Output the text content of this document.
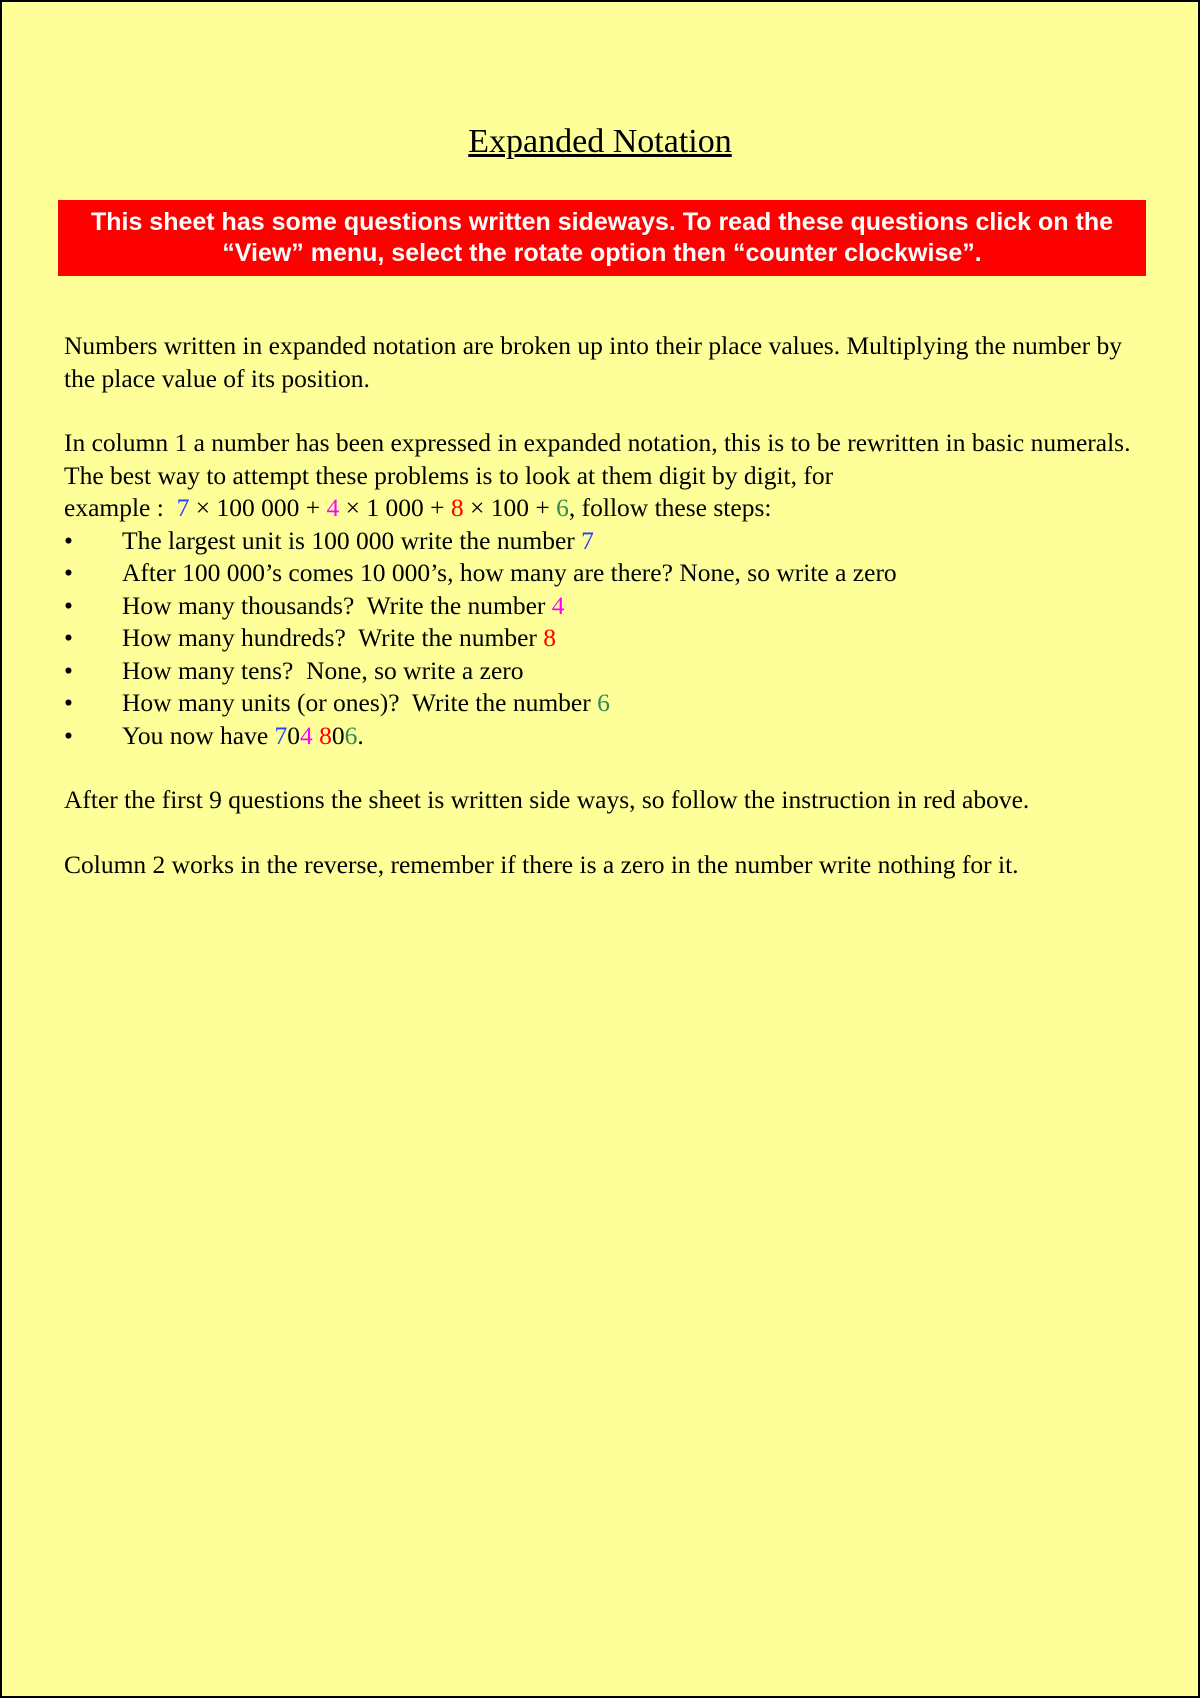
Expanded Notation
This sheet has some questions written sideways. To read these questions click on the “View” menu, select the rotate option then “counter clockwise”.

Numbers written in expanded notation are broken up into their place values. Multiplying the number by the place value of its position.

In column 1 a number has been expressed in expanded notation, this is to be rewritten in basic numerals. The best way to attempt these problems is to look at them digit by digit, for
example :  7 × 100 000 + 4 × 1 000 + 8 × 100 + 6, follow these steps:

• The largest unit is 100 000 write the number 7
• After 100 000’s comes 10 000’s, how many are there? None, so write a zero
• How many thousands?  Write the number 4
• How many hundreds?  Write the number 8
• How many tens?  None, so write a zero
• How many units (or ones)?  Write the number 6
• You now have 704 806.

After the first 9 questions the sheet is written side ways, so follow the instruction in red above.

Column 2 works in the reverse, remember if there is a zero in the number write nothing for it.
